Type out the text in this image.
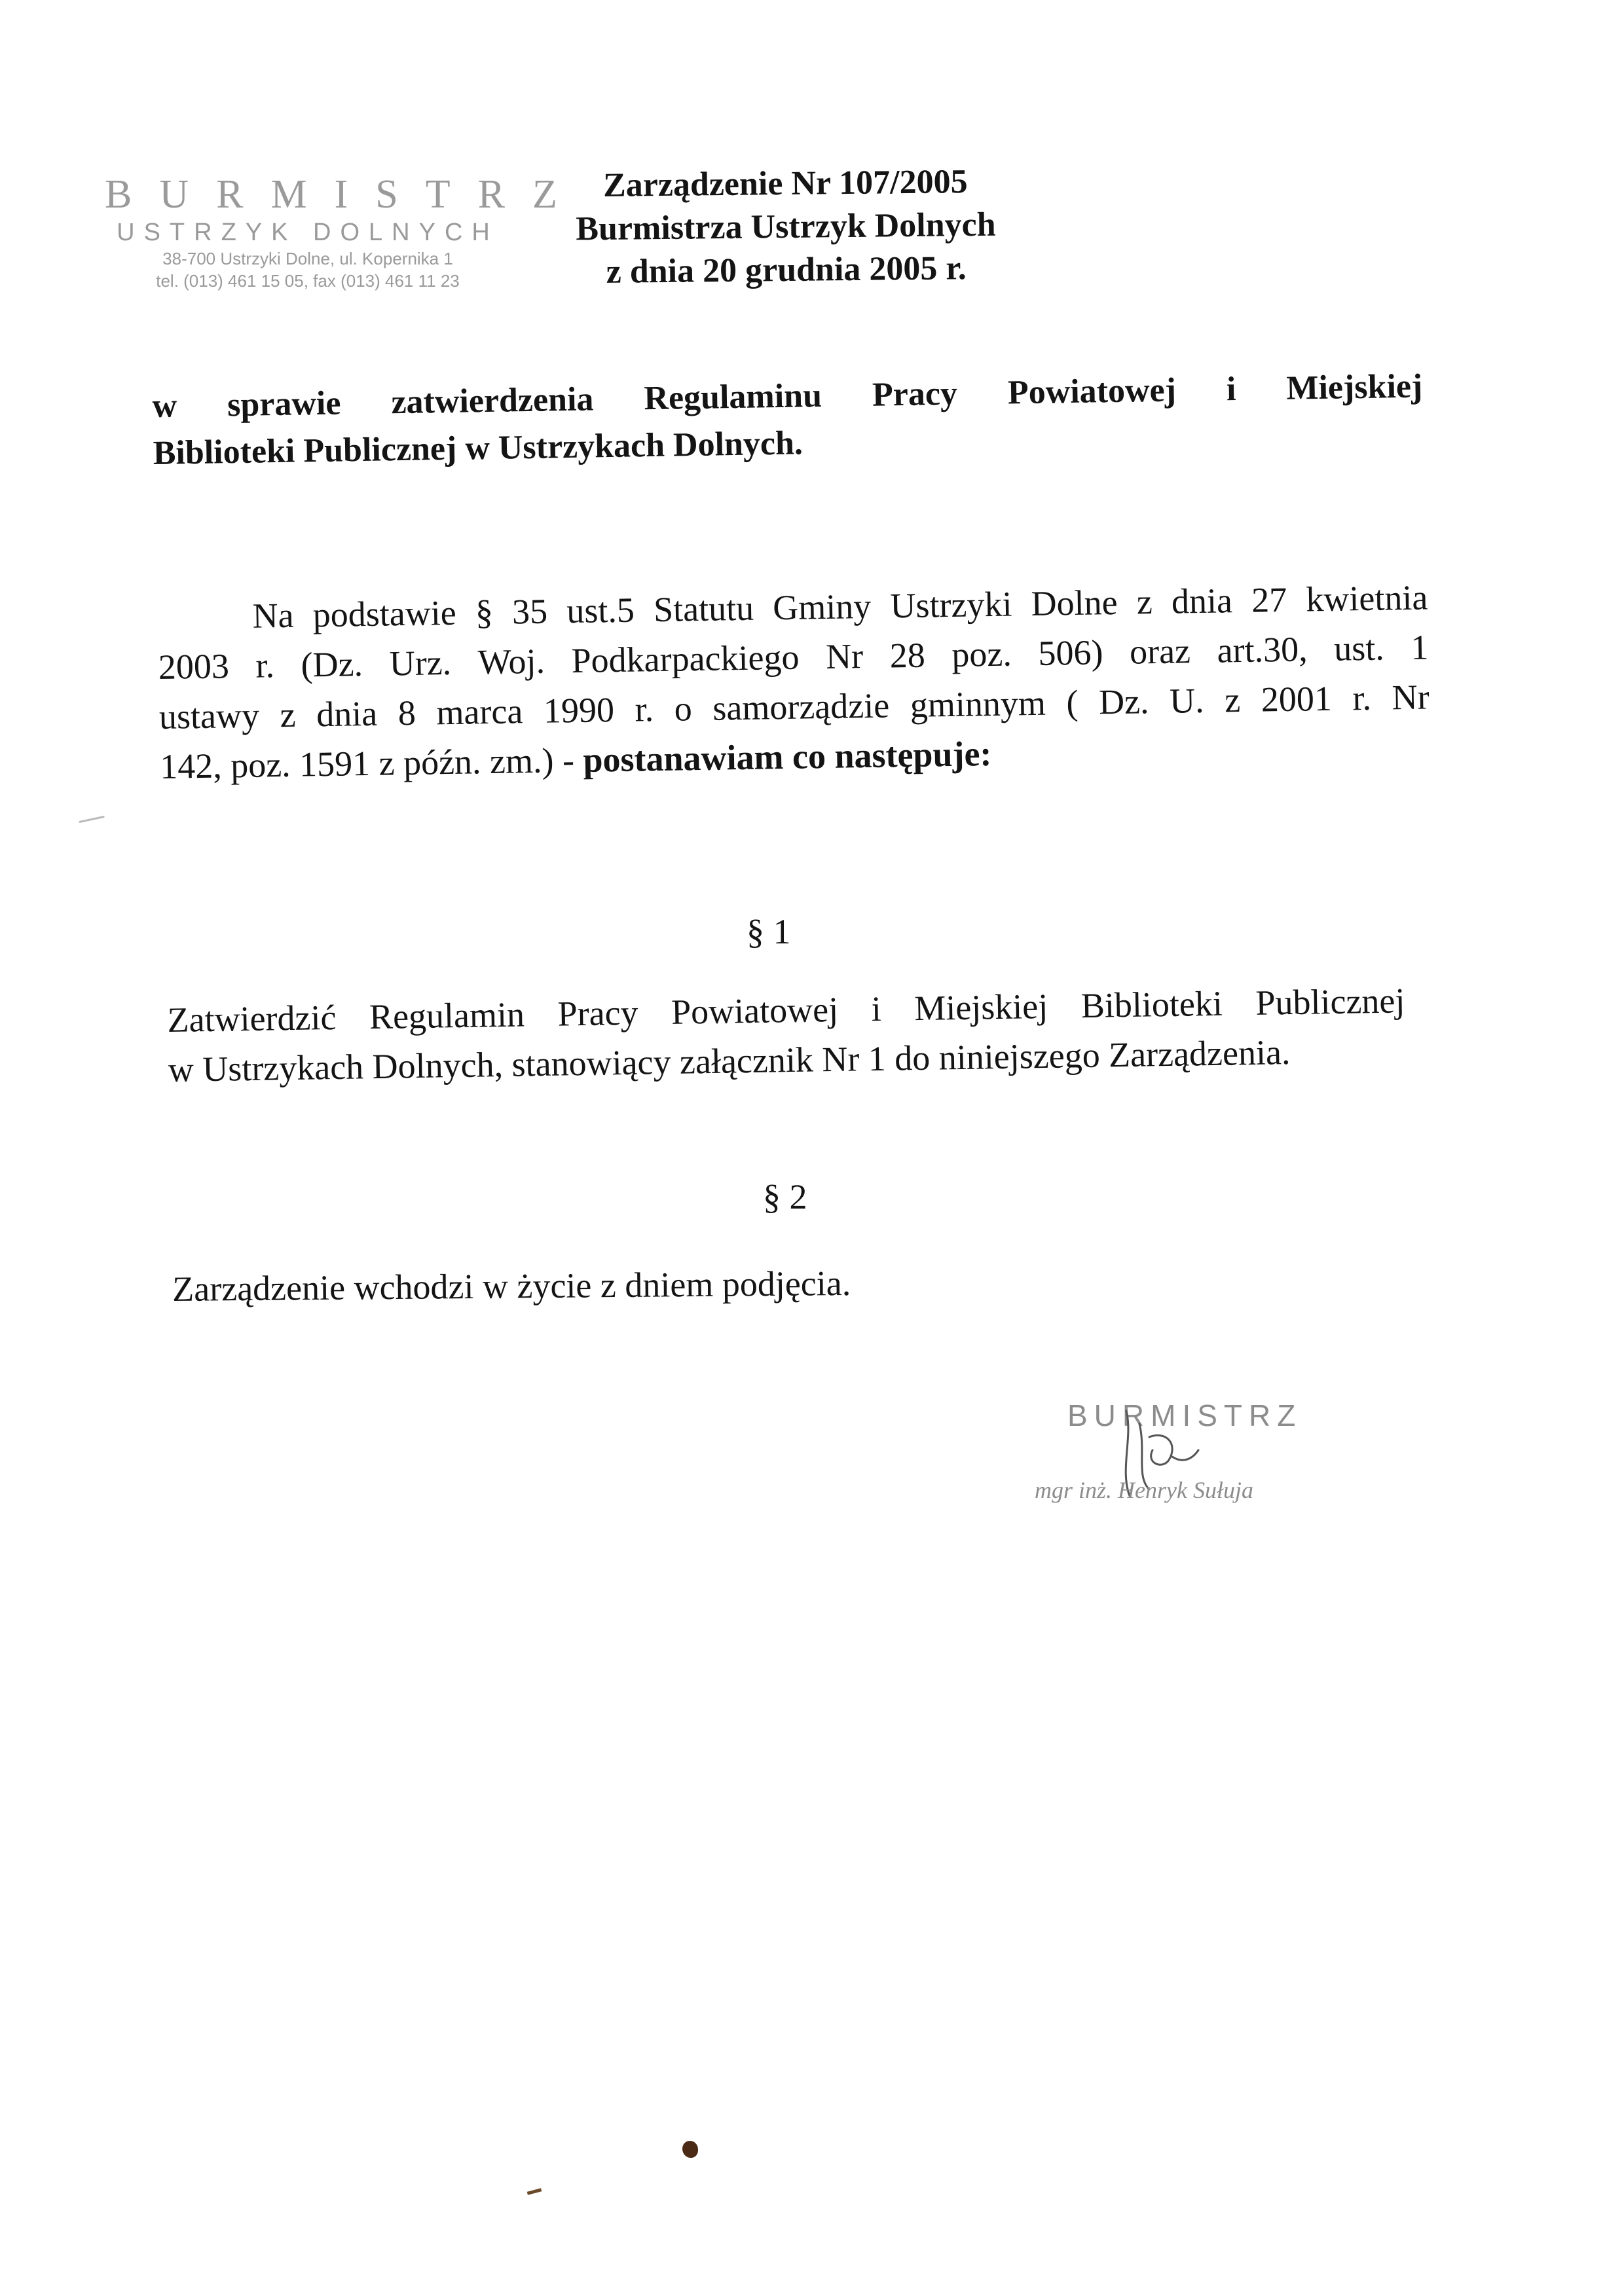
BURMISTRZ
USTRZYK DOLNYCH
38-700 Ustrzyki Dolne, ul. Kopernika 1
tel. (013) 461 15 05, fax (013) 461 11 23
Zarządzenie Nr 107/2005
Burmistrza Ustrzyk Dolnych
z dnia 20 grudnia 2005 r.
w sprawie zatwierdzenia Regulaminu Pracy Powiatowej i Miejskiej
Biblioteki Publicznej w Ustrzykach Dolnych.
Na podstawie § 35 ust.5 Statutu Gminy Ustrzyki Dolne z dnia 27 kwietnia
2003 r. (Dz. Urz. Woj. Podkarpackiego Nr 28 poz. 506) oraz art.30, ust. 1
ustawy z dnia 8 marca 1990 r. o samorządzie gminnym ( Dz. U. z 2001 r. Nr
142, poz. 1591 z późn. zm.) - postanawiam co następuje:
§ 1
Zatwierdzić Regulamin Pracy Powiatowej i Miejskiej Biblioteki Publicznej
w Ustrzykach Dolnych, stanowiący załącznik Nr 1 do niniejszego Zarządzenia.
§ 2
Zarządzenie wchodzi w życie z dniem podjęcia.
BURMISTRZ
mgr inż. Henryk Sułuja
